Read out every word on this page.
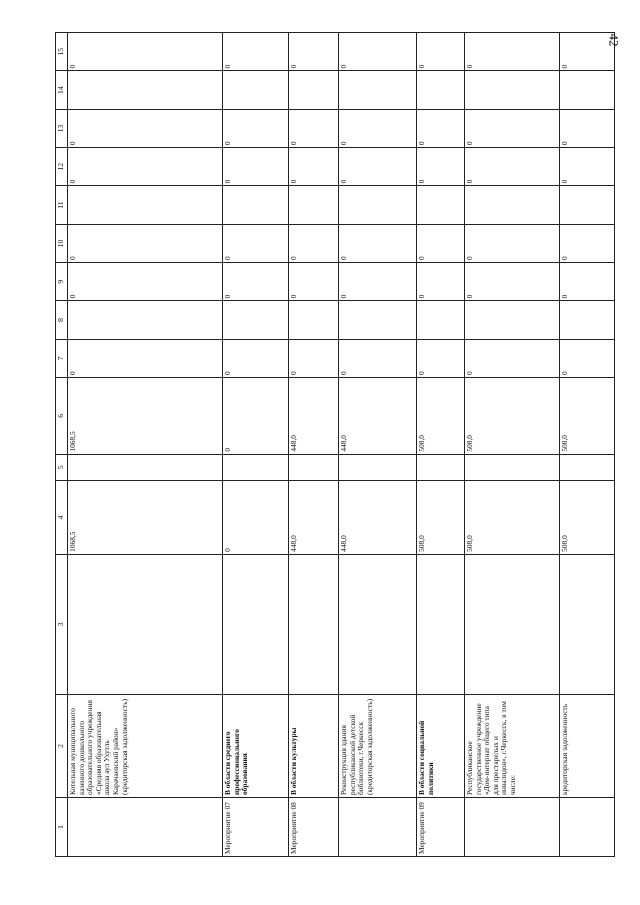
42
1	2	3	4	5	6	7	8	9	10	11	12	13	14	15
	Котельная муниципального казенного дошкольного образовательного учреждения «Средняя образовательная школа аул Ухутль Карачаевский район» (кредиторская задолженность)		1068,5		1068,5	0		0	0		0	0		0
Мероприятие 07	В области среднего профессионального образования		0		0	0		0	0		0	0		0
Мероприятие 08	В области культуры		448,0		448,0	0		0	0		0	0		0
	Реконструкция здания республиканской детской библиотеки, г.Черкесск (кредиторская задолженность)		448,0		448,0	0		0	0		0	0		0
Мероприятие 09	В области социальной политики		508,0		508,0	0		0	0		0	0		0
	Республиканское государственное учреждение «Дом-интернат общего типа для престарелых и инвалидов», г.Черкесск, в том числе:		508,0		508,0	0		0	0		0	0		0
	кредиторская задолженность		508,0		508,0	0		0	0		0	0		0
